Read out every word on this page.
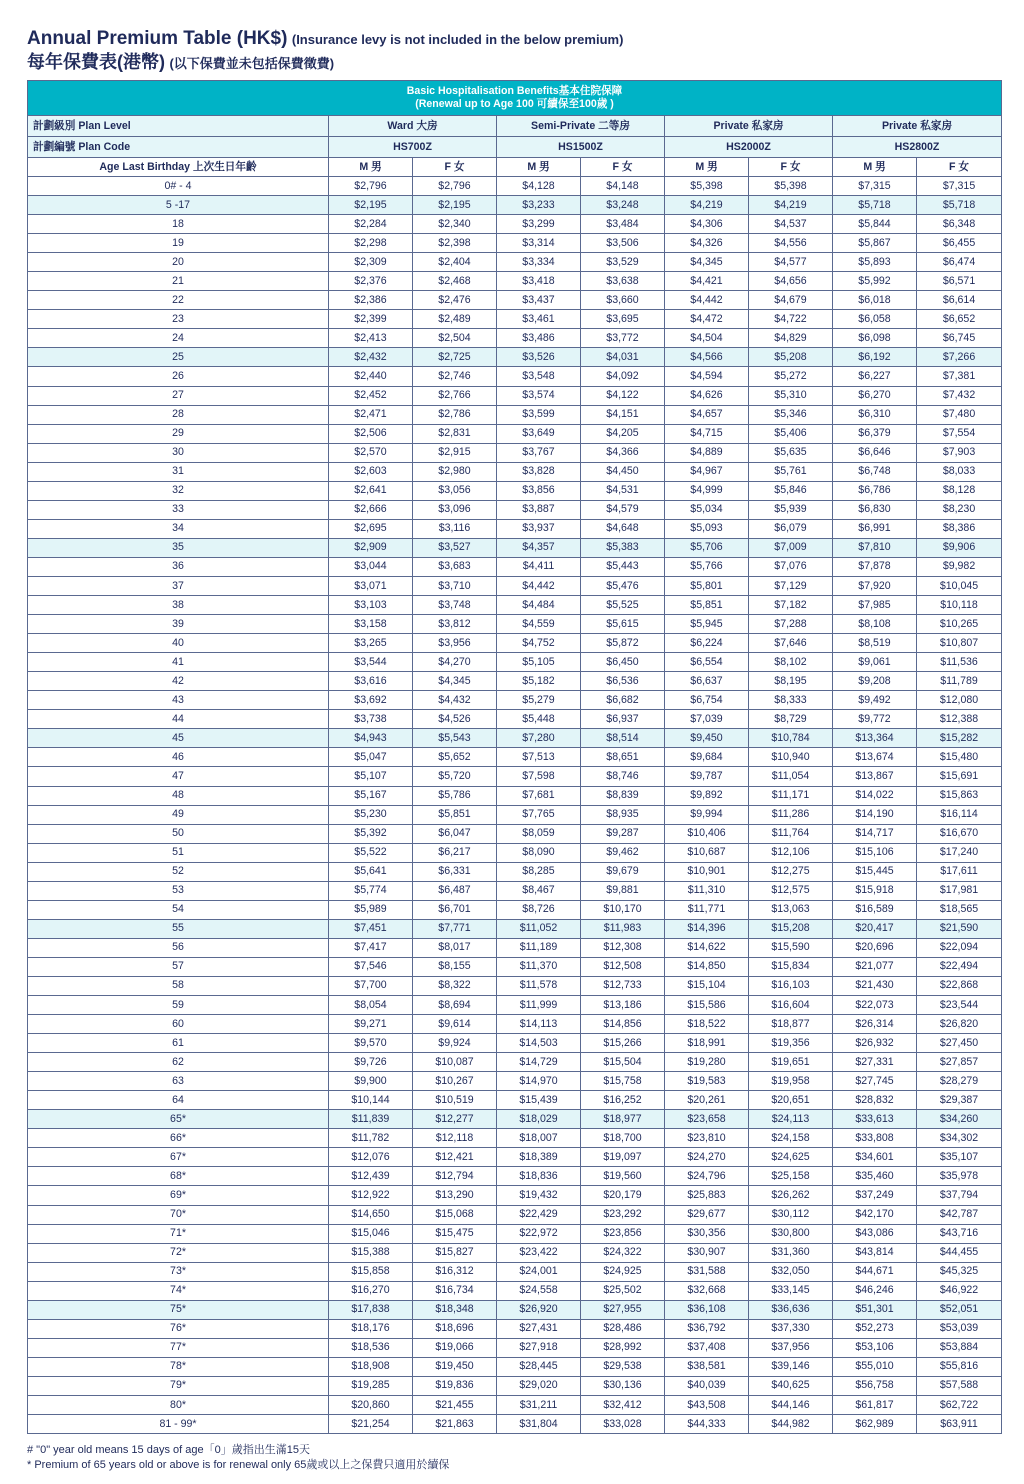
Annual Premium Table (HK$) (Insurance levy is not included in the below premium)
每年保費表(港幣) (以下保費並未包括保費徵費)
Basic Hospitalisation Benefits基本住院保障
(Renewal up to Age 100 可續保至100歲 )								

計劃級別 Plan Level	Ward 大房		Semi-Private 二等房		Private 私家房		Private 私家房	
計劃編號 Plan Code	HS700Z		HS1500Z		HS2000Z		HS2800Z	
Age Last Birthday 上次生日年齡	M 男	F 女	M 男	F 女	M 男	F 女	M 男	F 女
0# - 4	$2,796	$2,796	$4,128	$4,148	$5,398	$5,398	$7,315	$7,315
5 -17	$2,195	$2,195	$3,233	$3,248	$4,219	$4,219	$5,718	$5,718
18	$2,284	$2,340	$3,299	$3,484	$4,306	$4,537	$5,844	$6,348
19	$2,298	$2,398	$3,314	$3,506	$4,326	$4,556	$5,867	$6,455
20	$2,309	$2,404	$3,334	$3,529	$4,345	$4,577	$5,893	$6,474
21	$2,376	$2,468	$3,418	$3,638	$4,421	$4,656	$5,992	$6,571
22	$2,386	$2,476	$3,437	$3,660	$4,442	$4,679	$6,018	$6,614
23	$2,399	$2,489	$3,461	$3,695	$4,472	$4,722	$6,058	$6,652
24	$2,413	$2,504	$3,486	$3,772	$4,504	$4,829	$6,098	$6,745
25	$2,432	$2,725	$3,526	$4,031	$4,566	$5,208	$6,192	$7,266
26	$2,440	$2,746	$3,548	$4,092	$4,594	$5,272	$6,227	$7,381
27	$2,452	$2,766	$3,574	$4,122	$4,626	$5,310	$6,270	$7,432
28	$2,471	$2,786	$3,599	$4,151	$4,657	$5,346	$6,310	$7,480
29	$2,506	$2,831	$3,649	$4,205	$4,715	$5,406	$6,379	$7,554
30	$2,570	$2,915	$3,767	$4,366	$4,889	$5,635	$6,646	$7,903
31	$2,603	$2,980	$3,828	$4,450	$4,967	$5,761	$6,748	$8,033
32	$2,641	$3,056	$3,856	$4,531	$4,999	$5,846	$6,786	$8,128
33	$2,666	$3,096	$3,887	$4,579	$5,034	$5,939	$6,830	$8,230
34	$2,695	$3,116	$3,937	$4,648	$5,093	$6,079	$6,991	$8,386
35	$2,909	$3,527	$4,357	$5,383	$5,706	$7,009	$7,810	$9,906
36	$3,044	$3,683	$4,411	$5,443	$5,766	$7,076	$7,878	$9,982
37	$3,071	$3,710	$4,442	$5,476	$5,801	$7,129	$7,920	$10,045
38	$3,103	$3,748	$4,484	$5,525	$5,851	$7,182	$7,985	$10,118
39	$3,158	$3,812	$4,559	$5,615	$5,945	$7,288	$8,108	$10,265
40	$3,265	$3,956	$4,752	$5,872	$6,224	$7,646	$8,519	$10,807
41	$3,544	$4,270	$5,105	$6,450	$6,554	$8,102	$9,061	$11,536
42	$3,616	$4,345	$5,182	$6,536	$6,637	$8,195	$9,208	$11,789
43	$3,692	$4,432	$5,279	$6,682	$6,754	$8,333	$9,492	$12,080
44	$3,738	$4,526	$5,448	$6,937	$7,039	$8,729	$9,772	$12,388
45	$4,943	$5,543	$7,280	$8,514	$9,450	$10,784	$13,364	$15,282
46	$5,047	$5,652	$7,513	$8,651	$9,684	$10,940	$13,674	$15,480
47	$5,107	$5,720	$7,598	$8,746	$9,787	$11,054	$13,867	$15,691
48	$5,167	$5,786	$7,681	$8,839	$9,892	$11,171	$14,022	$15,863
49	$5,230	$5,851	$7,765	$8,935	$9,994	$11,286	$14,190	$16,114
50	$5,392	$6,047	$8,059	$9,287	$10,406	$11,764	$14,717	$16,670
51	$5,522	$6,217	$8,090	$9,462	$10,687	$12,106	$15,106	$17,240
52	$5,641	$6,331	$8,285	$9,679	$10,901	$12,275	$15,445	$17,611
53	$5,774	$6,487	$8,467	$9,881	$11,310	$12,575	$15,918	$17,981
54	$5,989	$6,701	$8,726	$10,170	$11,771	$13,063	$16,589	$18,565
55	$7,451	$7,771	$11,052	$11,983	$14,396	$15,208	$20,417	$21,590
56	$7,417	$8,017	$11,189	$12,308	$14,622	$15,590	$20,696	$22,094
57	$7,546	$8,155	$11,370	$12,508	$14,850	$15,834	$21,077	$22,494
58	$7,700	$8,322	$11,578	$12,733	$15,104	$16,103	$21,430	$22,868
59	$8,054	$8,694	$11,999	$13,186	$15,586	$16,604	$22,073	$23,544
60	$9,271	$9,614	$14,113	$14,856	$18,522	$18,877	$26,314	$26,820
61	$9,570	$9,924	$14,503	$15,266	$18,991	$19,356	$26,932	$27,450
62	$9,726	$10,087	$14,729	$15,504	$19,280	$19,651	$27,331	$27,857
63	$9,900	$10,267	$14,970	$15,758	$19,583	$19,958	$27,745	$28,279
64	$10,144	$10,519	$15,439	$16,252	$20,261	$20,651	$28,832	$29,387
65*	$11,839	$12,277	$18,029	$18,977	$23,658	$24,113	$33,613	$34,260
66*	$11,782	$12,118	$18,007	$18,700	$23,810	$24,158	$33,808	$34,302
67*	$12,076	$12,421	$18,389	$19,097	$24,270	$24,625	$34,601	$35,107
68*	$12,439	$12,794	$18,836	$19,560	$24,796	$25,158	$35,460	$35,978
69*	$12,922	$13,290	$19,432	$20,179	$25,883	$26,262	$37,249	$37,794
70*	$14,650	$15,068	$22,429	$23,292	$29,677	$30,112	$42,170	$42,787
71*	$15,046	$15,475	$22,972	$23,856	$30,356	$30,800	$43,086	$43,716
72*	$15,388	$15,827	$23,422	$24,322	$30,907	$31,360	$43,814	$44,455
73*	$15,858	$16,312	$24,001	$24,925	$31,588	$32,050	$44,671	$45,325
74*	$16,270	$16,734	$24,558	$25,502	$32,668	$33,145	$46,246	$46,922
75*	$17,838	$18,348	$26,920	$27,955	$36,108	$36,636	$51,301	$52,051
76*	$18,176	$18,696	$27,431	$28,486	$36,792	$37,330	$52,273	$53,039
77*	$18,536	$19,066	$27,918	$28,992	$37,408	$37,956	$53,106	$53,884
78*	$18,908	$19,450	$28,445	$29,538	$38,581	$39,146	$55,010	$55,816
79*	$19,285	$19,836	$29,020	$30,136	$40,039	$40,625	$56,758	$57,588
80*	$20,860	$21,455	$31,211	$32,412	$43,508	$44,146	$61,817	$62,722
81 - 99*	$21,254	$21,863	$31,804	$33,028	$44,333	$44,982	$62,989	$63,911
# "0" year old means 15 days of age「0」歲指出生滿15天
* Premium of 65 years old or above is for renewal only 65歲或以上之保費只適用於續保
